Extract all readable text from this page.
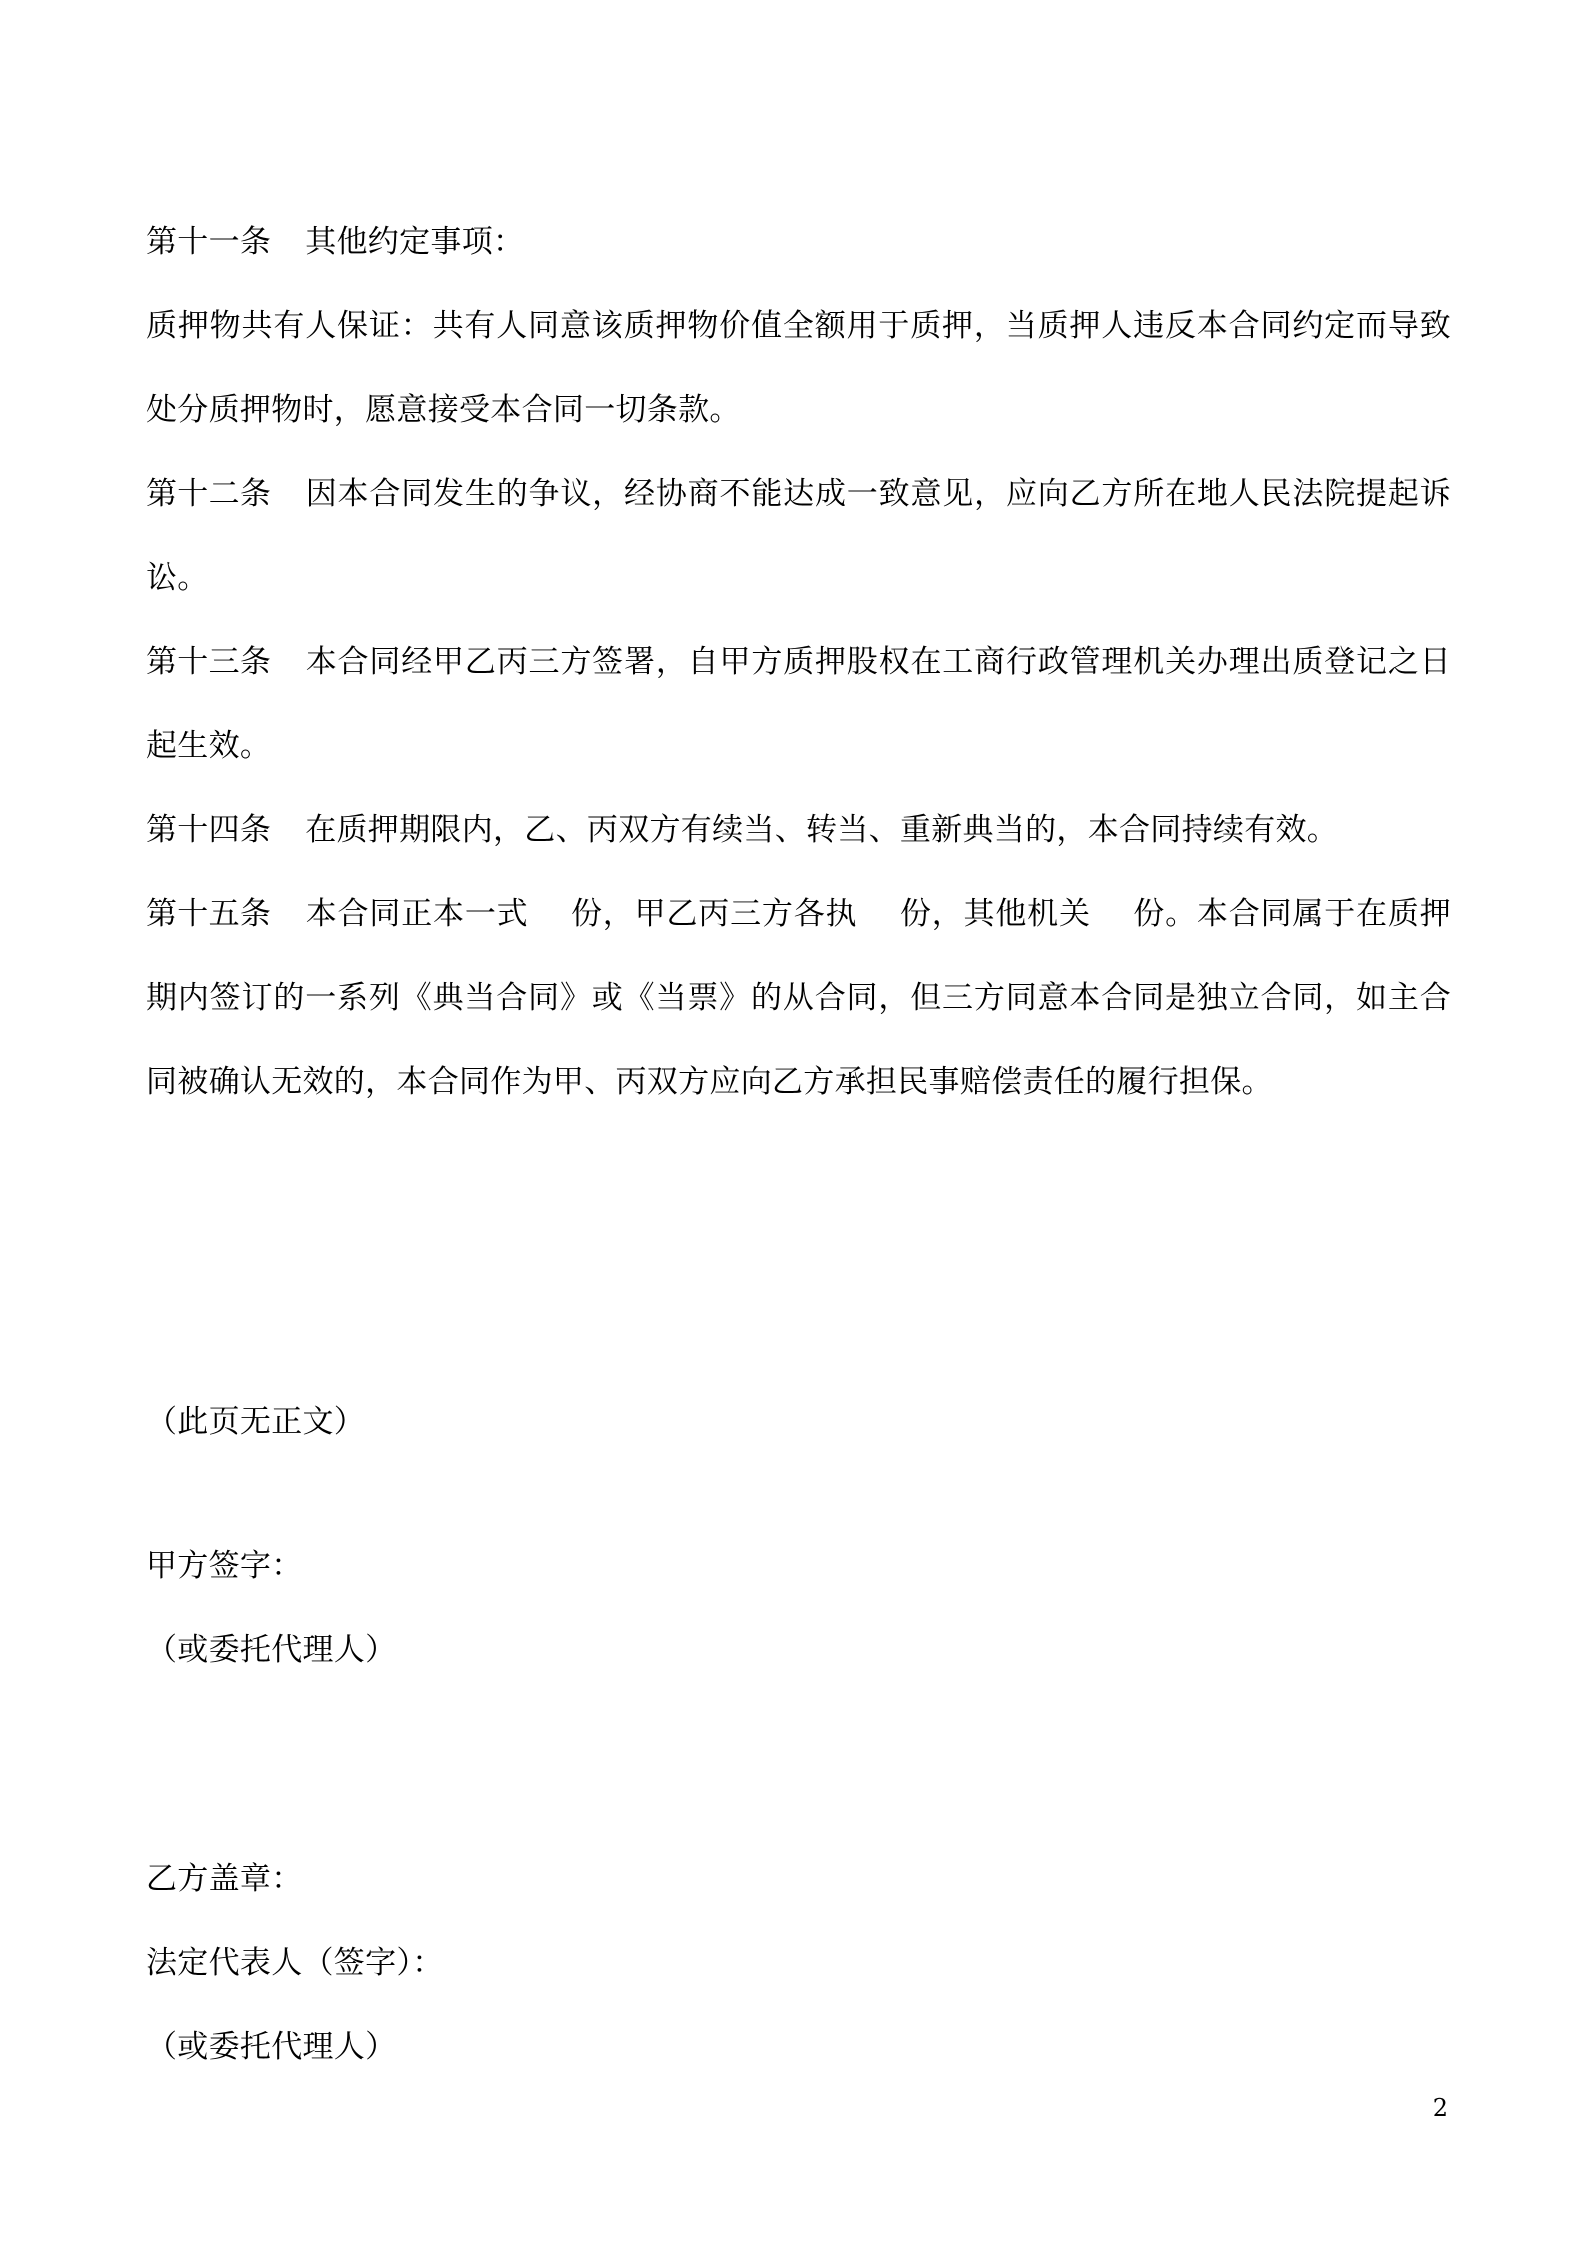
第十一条 其他约定事项：

质押物共有人保证：共有人同意该质押物价值全额用于质押，当质押人违反本合同约定而导致处分质押物时，愿意接受本合同一切条款。

第十二条 因本合同发生的争议，经协商不能达成一致意见，应向乙方所在地人民法院提起诉讼。

第十三条 本合同经甲乙丙三方签署，自甲方质押股权在工商行政管理机关办理出质登记之日起生效。

第十四条 在质押期限内，乙、丙双方有续当、转当、重新典当的，本合同持续有效。

第十五条 本合同正本一式　 份，甲乙丙三方各执　 份，其他机关　 份。本合同属于在质押期内签订的一系列《典当合同》或《当票》的从合同，但三方同意本合同是独立合同，如主合同被确认无效的，本合同作为甲、丙双方应向乙方承担民事赔偿责任的履行担保。

（此页无正文）

甲方签字：

（或委托代理人）

乙方盖章：

法定代表人（签字）：

（或委托代理人）

2
